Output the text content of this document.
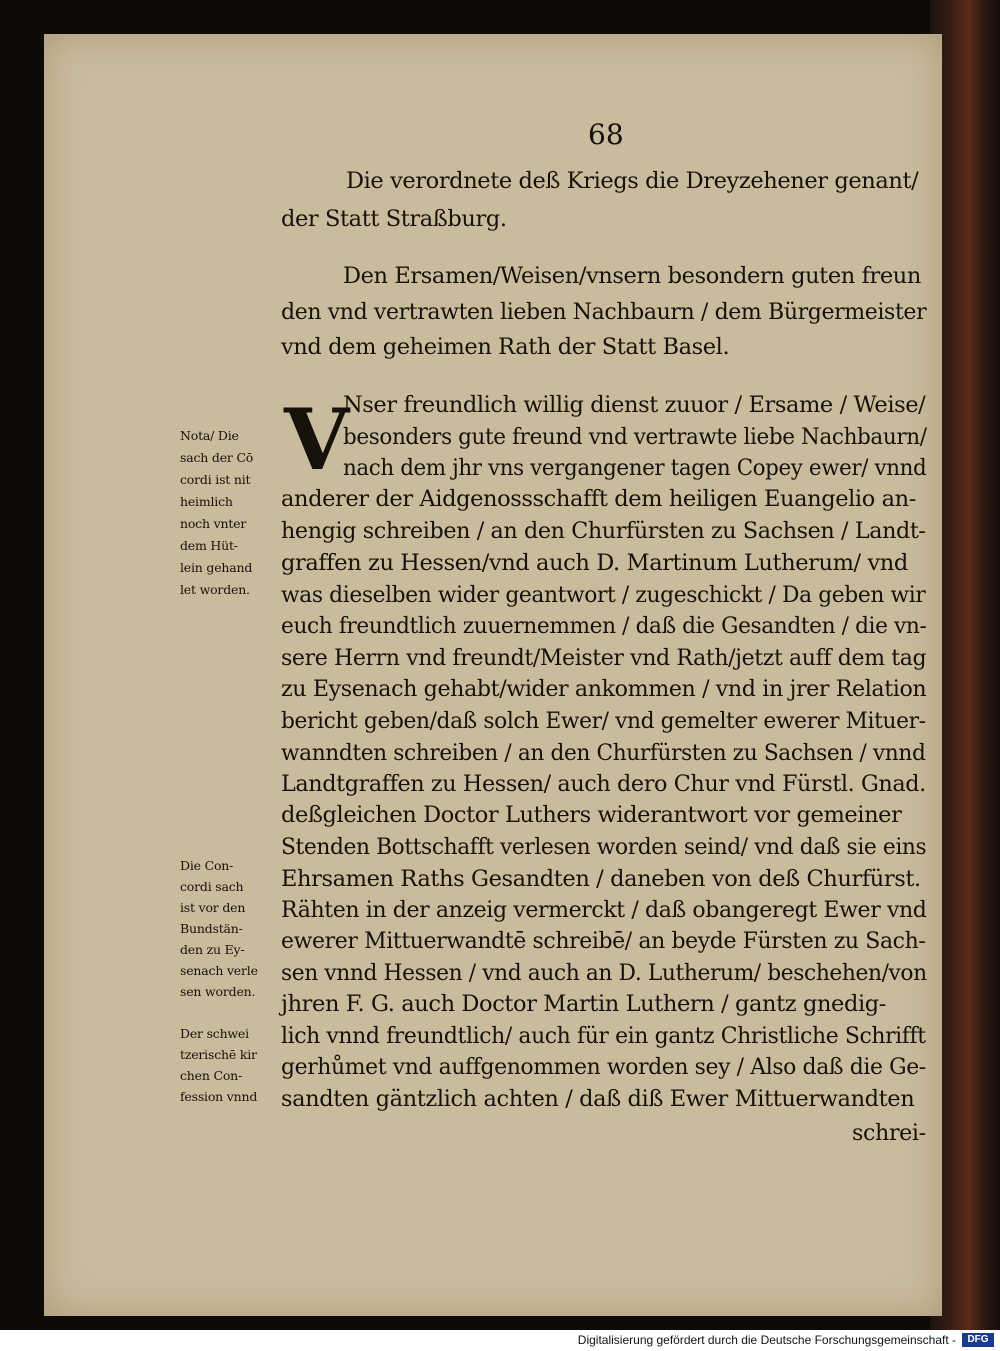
68
Die verordnete deß Kriegs die Dreyzehener genant/
der Statt Straßburg.
Den Ersamen/Weisen/vnsern besondern guten freun
den vnd vertrawten lieben Nachbaurn / dem Bürgermeister
vnd dem geheimen Rath der Statt Basel.
V
Nser freundlich willig dienst zuuor / Ersame / Weise/
besonders gute freund vnd vertrawte liebe Nachbaurn/
nach dem jhr vns vergangener tagen Copey ewer/ vnnd
anderer der Aidgenossschafft dem heiligen Euangelio an-
hengig schreiben / an den Churfürsten zu Sachsen / Landt-
graffen zu Hessen/vnd auch D. Martinum Lutherum/ vnd
was dieselben wider geantwort / zugeschickt / Da geben wir
euch freundtlich zuuernemmen / daß die Gesandten / die vn-
sere Herrn vnd freundt/Meister vnd Rath/jetzt auff dem tag
zu Eysenach gehabt/wider ankommen / vnd in jrer Relation
bericht geben/daß solch Ewer/ vnd gemelter ewerer Mituer-
wanndten schreiben / an den Churfürsten zu Sachsen / vnnd
Landtgraffen zu Hessen/ auch dero Chur vnd Fürstl. Gnad.
deßgleichen Doctor Luthers widerantwort vor gemeiner
Stenden Bottschafft verlesen worden seind/ vnd daß sie eins
Ehrsamen Raths Gesandten / daneben von deß Churfürst.
Rähten in der anzeig vermerckt / daß obangeregt Ewer vnd
ewerer Mittuerwandtē schreibē/ an beyde Fürsten zu Sach-
sen vnnd Hessen / vnd auch an D. Lutherum/ beschehen/von
jhren F. G. auch Doctor Martin Luthern / gantz gnedig-
lich vnnd freundtlich/ auch für ein gantz Christliche Schrifft
gerhůmet vnd auffgenommen worden sey / Also daß die Ge-
sandten gäntzlich achten / daß diß Ewer Mittuerwandten
schrei-
Nota/ Die
sach der Cō
cordi ist nit
heimlich
noch vnter
dem Hüt-
lein gehand
let worden.
Die Con-
cordi sach
ist vor den
Bundstän-
den zu Ey-
senach verle
sen worden.
Der schwei
tzerischē kir
chen Con-
fession vnnd
Digitalisierung gefördert durch die Deutsche Forschungsgemeinschaft -	DFG
